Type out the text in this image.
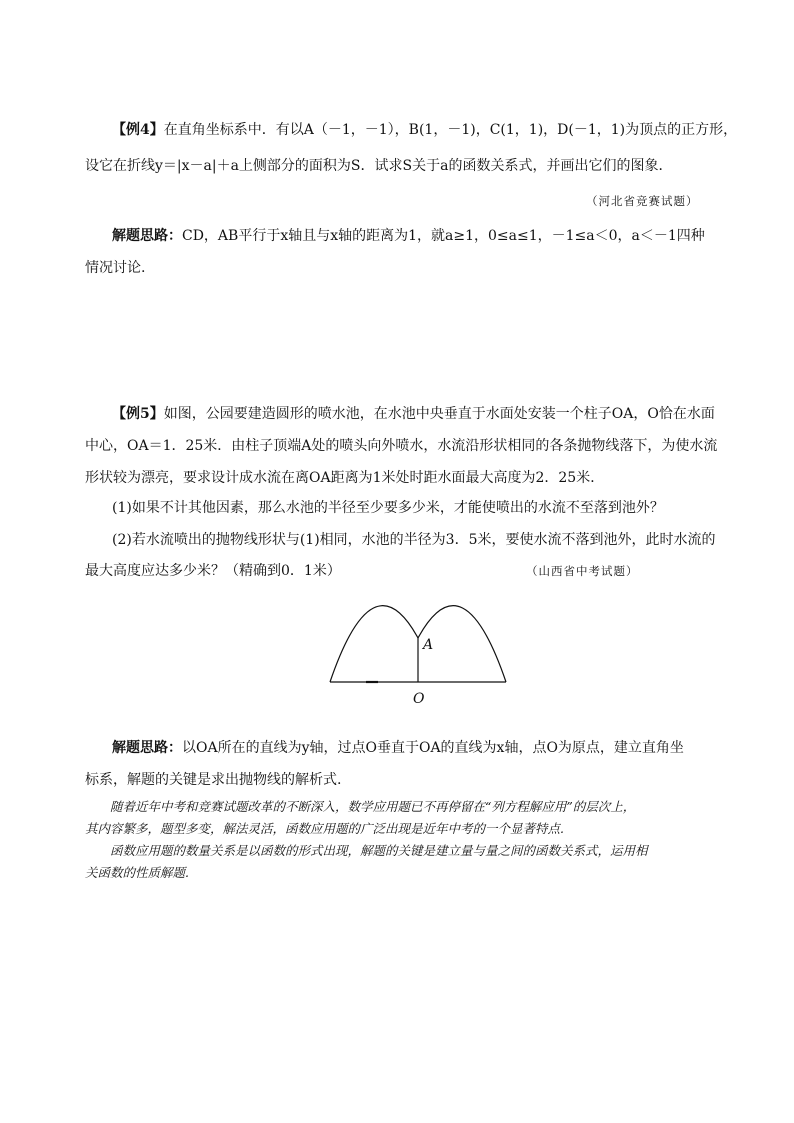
【例4】在直角坐标系中．有以A（－1，－1），B(1，－1)，C(1，1)，D(－1，1)为顶点的正方形，
设它在折线y＝|x－a|＋a上侧部分的面积为S．试求S关于a的函数关系式，并画出它们的图象．
（河北省竞赛试题）
解题思路：CD，AB平行于x轴且与x轴的距离为1，就a≥1，0≤a≤1，－1≤a＜0，a＜－1四种
情况讨论.
【例5】如图，公园要建造圆形的喷水池，在水池中央垂直于水面处安装一个柱子OA，O恰在水面
中心，OA＝1．25米．由柱子顶端A处的喷头向外喷水，水流沿形状相同的各条抛物线落下，为使水流
形状较为漂亮，要求设计成水流在离OA距离为1米处时距水面最大高度为2．25米．
(1)如果不计其他因素，那么水池的半径至少要多少米，才能使喷出的水流不至落到池外？
(2)若水流喷出的抛物线形状与(1)相同，水池的半径为3．5米，要使水流不落到池外，此时水流的
最大高度应达多少米？（精确到0．1米）	（山西省中考试题）
A
O
解题思路：以OA所在的直线为y轴，过点O垂直于OA的直线为x轴，点O为原点，建立直角坐
标系，解题的关键是求出抛物线的解析式.
随着近年中考和竞赛试题改革的不断深入，数学应用题已不再停留在“列方程解应用”的层次上，
其内容繁多，题型多变，解法灵活，函数应用题的广泛出现是近年中考的一个显著特点.
函数应用题的数量关系是以函数的形式出现，解题的关键是建立量与量之间的函数关系式，运用相
关函数的性质解题.
